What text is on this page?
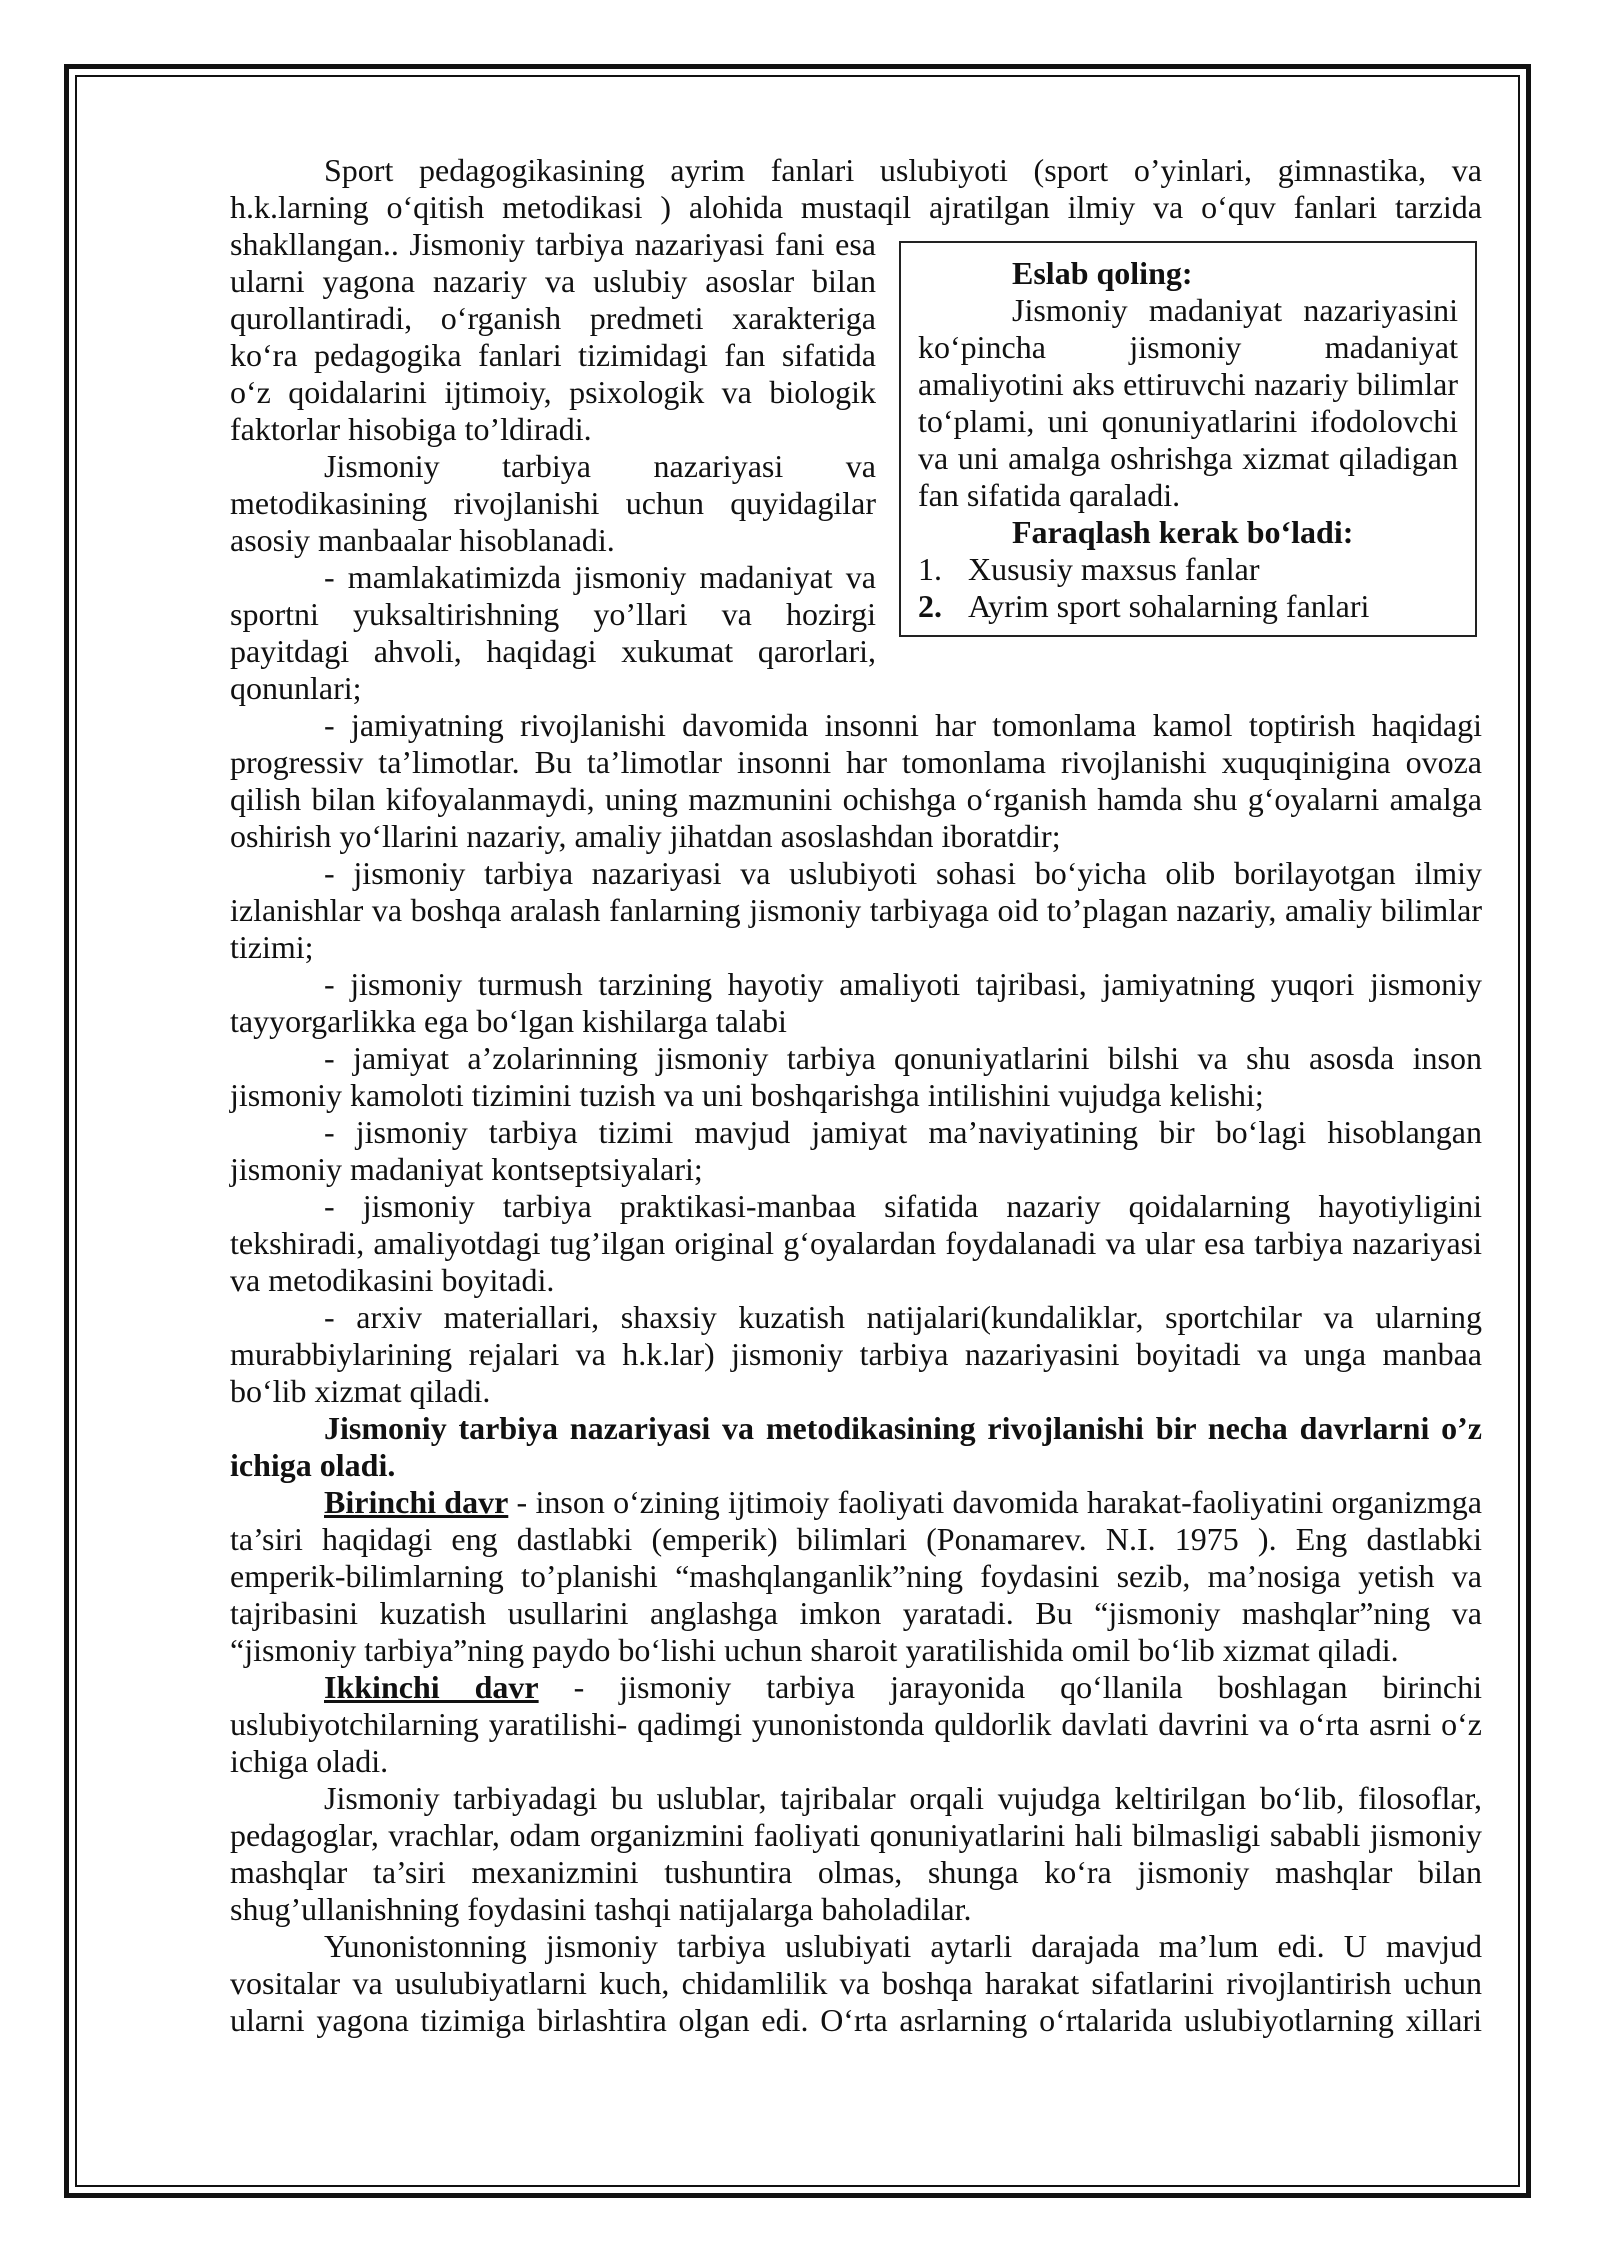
Eslab qoling:

Jismoniy madaniyat nazariyasini ko‘pincha jismoniy madaniyat amaliyotini aks ettiruvchi nazariy bilimlar to‘plami, uni qonuniyatlarini ifodolovchi va uni amalga oshrishga xizmat qiladigan fan sifatida qaraladi.

Faraqlash kerak bo‘ladi:

1. Xususiy maxsus fanlar
2. Ayrim sport sohalarning fanlari

Sport pedagogikasining ayrim fanlari uslubiyoti (sport o’yinlari, gimnastika, va h.k.larning o‘qitish metodikasi ) alohida mustaqil ajratilgan ilmiy va o‘quv fanlari tarzida shakllangan.. Jismoniy tarbiya nazariyasi fani esa ularni yagona nazariy va uslubiy asoslar bilan qurollantiradi, o‘rganish predmeti xarakteriga ko‘ra pedagogika fanlari tizimidagi fan sifatida o‘z qoidalarini ijtimoiy, psixologik va biologik faktorlar hisobiga to’ldiradi.

Jismoniy tarbiya nazariyasi va metodikasining rivojlanishi uchun quyidagilar asosiy manbaalar hisoblanadi.

- mamlakatimizda jismoniy madaniyat va sportni yuksaltirishning yo’llari va hozirgi payitdagi ahvoli, haqidagi xukumat qarorlari, qonunlari;

- jamiyatning rivojlanishi davomida insonni har tomonlama kamol toptirish haqidagi progressiv ta’limotlar. Bu ta’limotlar insonni har tomonlama rivojlanishi xuquqinigina ovoza qilish bilan kifoyalanmaydi, uning mazmunini ochishga o‘rganish hamda shu g‘oyalarni amalga oshirish yo‘llarini nazariy, amaliy jihatdan asoslashdan iboratdir;

- jismoniy tarbiya nazariyasi va uslubiyoti sohasi bo‘yicha olib borilayotgan ilmiy izlanishlar va boshqa aralash fanlarning jismoniy tarbiyaga oid to’plagan nazariy, amaliy bilimlar tizimi;

- jismoniy turmush tarzining hayotiy amaliyoti tajribasi, jamiyatning yuqori jismoniy tayyorgarlikka ega bo‘lgan kishilarga talabi

- jamiyat a’zolarinning jismoniy tarbiya qonuniyatlarini bilshi va shu asosda inson jismoniy kamoloti tizimini tuzish va uni boshqarishga intilishini vujudga kelishi;

- jismoniy tarbiya tizimi mavjud jamiyat ma’naviyatining bir bo‘lagi hisoblangan jismoniy madaniyat kontseptsiyalari;

- jismoniy tarbiya praktikasi-manbaa sifatida nazariy qoidalarning hayotiyligini tekshiradi, amaliyotdagi tug’ilgan original g‘oyalardan foydalanadi va ular esa tarbiya nazariyasi va metodikasini boyitadi.

- arxiv materiallari, shaxsiy kuzatish natijalari(kundaliklar, sportchilar va ularning murabbiylarining rejalari va h.k.lar) jismoniy tarbiya nazariyasini boyitadi va unga manbaa bo‘lib xizmat qiladi.

Jismoniy tarbiya nazariyasi va metodikasining rivojlanishi bir necha davrlarni o’z ichiga oladi.

Birinchi davr - inson o‘zining ijtimoiy faoliyati davomida harakat-faoliyatini organizmga ta’siri haqidagi eng dastlabki (emperik) bilimlari (Ponamarev. N.I. 1975 ). Eng dastlabki emperik-bilimlarning to’planishi “mashqlanganlik”ning foydasini sezib, ma’nosiga yetish va tajribasini kuzatish usullarini anglashga imkon yaratadi. Bu “jismoniy mashqlar”ning va “jismoniy tarbiya”ning paydo bo‘lishi uchun sharoit yaratilishida omil bo‘lib xizmat qiladi.

Ikkinchi davr - jismoniy tarbiya jarayonida qo‘llanila boshlagan birinchi uslubiyotchilarning yaratilishi- qadimgi yunonistonda quldorlik davlati davrini va o‘rta asrni o‘z ichiga oladi.

Jismoniy tarbiyadagi bu uslublar, tajribalar orqali vujudga keltirilgan bo‘lib, filosoflar, pedagoglar, vrachlar, odam organizmini faoliyati qonuniyatlarini hali bilmasligi sababli jismoniy mashqlar ta’siri mexanizmini tushuntira olmas, shunga ko‘ra jismoniy mashqlar bilan shug’ullanishning foydasini tashqi natijalarga baholadilar.

Yunonistonning jismoniy tarbiya uslubiyati aytarli darajada ma’lum edi. U mavjud vositalar va usulubiyatlarni kuch, chidamlilik va boshqa harakat sifatlarini rivojlantirish uchun ularni yagona tizimiga birlashtira olgan edi. O‘rta asrlarning o‘rtalarida uslubiyotlarning xillari
